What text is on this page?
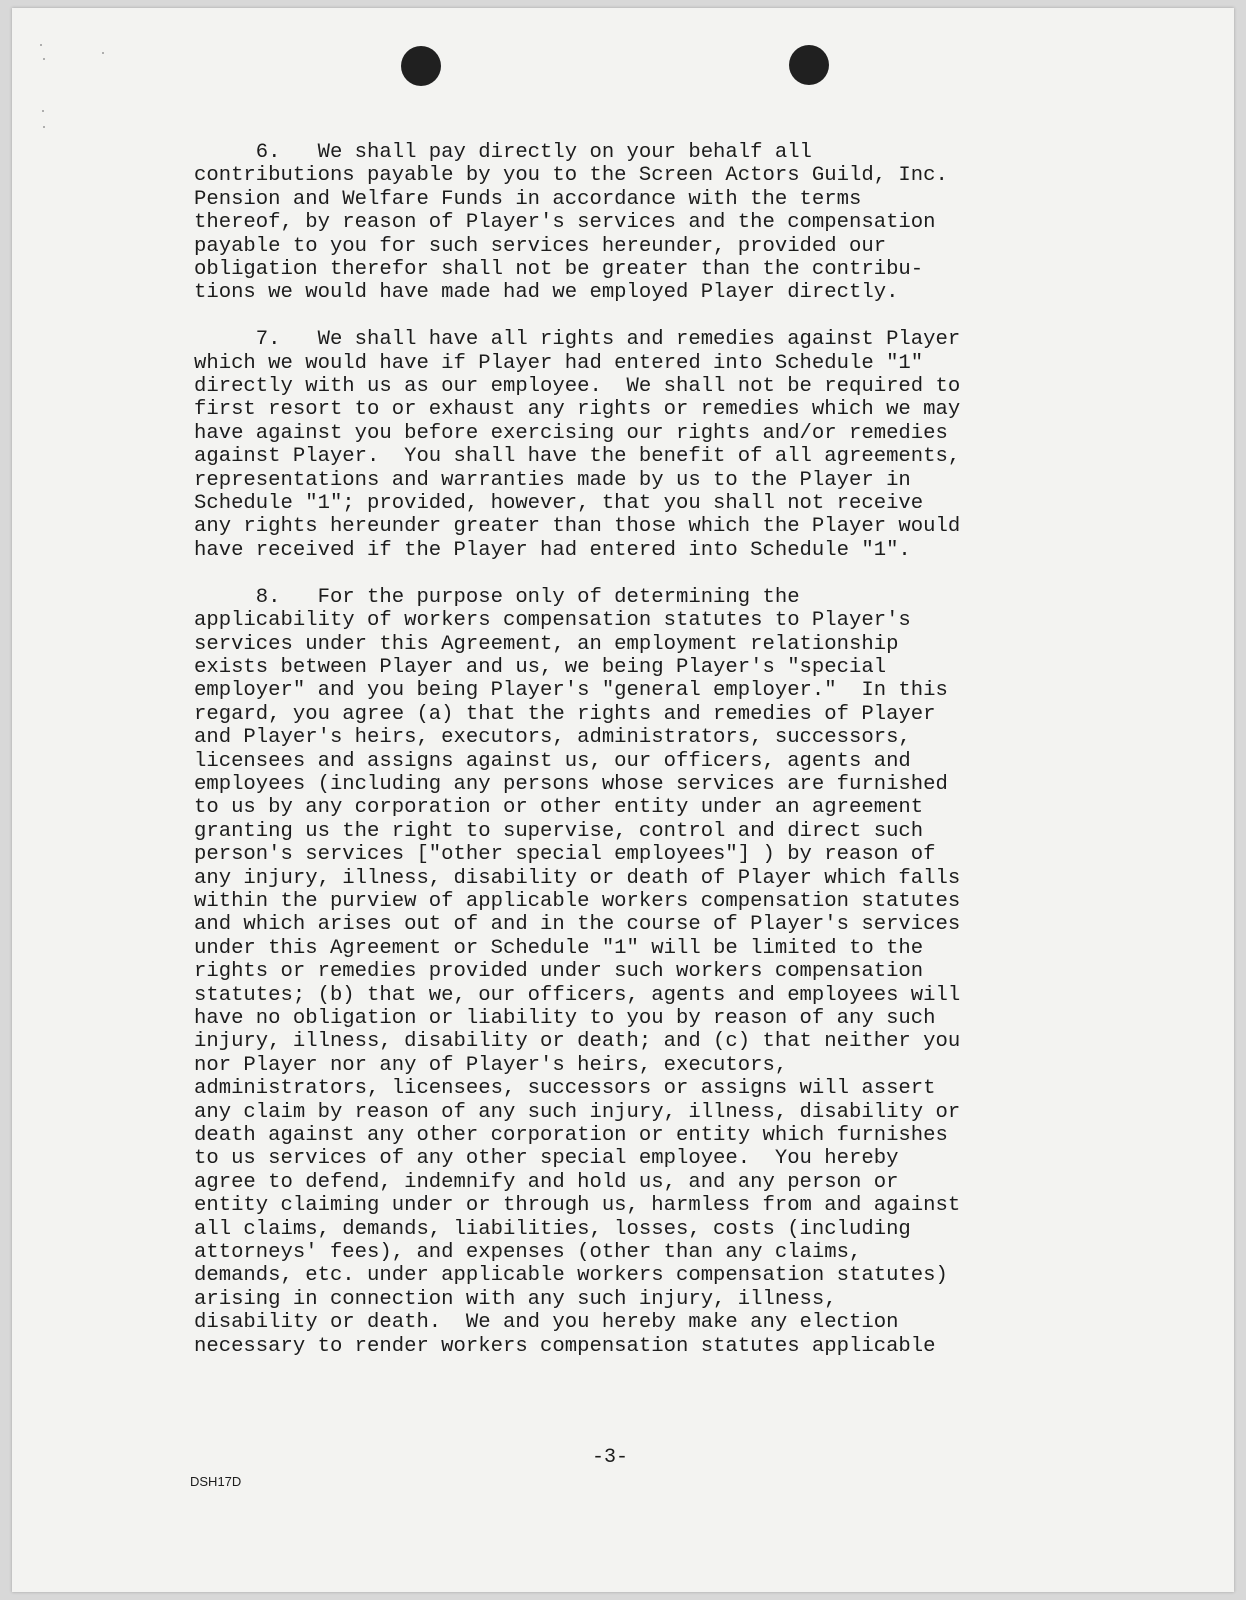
6.   We shall pay directly on your behalf all
contributions payable by you to the Screen Actors Guild, Inc.
Pension and Welfare Funds in accordance with the terms
thereof, by reason of Player's services and the compensation
payable to you for such services hereunder, provided our
obligation therefor shall not be greater than the contribu-
tions we would have made had we employed Player directly.
7.   We shall have all rights and remedies against Player
which we would have if Player had entered into Schedule "1"
directly with us as our employee.  We shall not be required to
first resort to or exhaust any rights or remedies which we may
have against you before exercising our rights and/or remedies
against Player.  You shall have the benefit of all agreements,
representations and warranties made by us to the Player in
Schedule "1"; provided, however, that you shall not receive
any rights hereunder greater than those which the Player would
have received if the Player had entered into Schedule "1".
8.   For the purpose only of determining the
applicability of workers compensation statutes to Player's
services under this Agreement, an employment relationship
exists between Player and us, we being Player's "special
employer" and you being Player's "general employer."  In this
regard, you agree (a) that the rights and remedies of Player
and Player's heirs, executors, administrators, successors,
licensees and assigns against us, our officers, agents and
employees (including any persons whose services are furnished
to us by any corporation or other entity under an agreement
granting us the right to supervise, control and direct such
person's services ["other special employees"] ) by reason of
any injury, illness, disability or death of Player which falls
within the purview of applicable workers compensation statutes
and which arises out of and in the course of Player's services
under this Agreement or Schedule "1" will be limited to the
rights or remedies provided under such workers compensation
statutes; (b) that we, our officers, agents and employees will
have no obligation or liability to you by reason of any such
injury, illness, disability or death; and (c) that neither you
nor Player nor any of Player's heirs, executors,
administrators, licensees, successors or assigns will assert
any claim by reason of any such injury, illness, disability or
death against any other corporation or entity which furnishes
to us services of any other special employee.  You hereby
agree to defend, indemnify and hold us, and any person or
entity claiming under or through us, harmless from and against
all claims, demands, liabilities, losses, costs (including
attorneys' fees), and expenses (other than any claims,
demands, etc. under applicable workers compensation statutes)
arising in connection with any such injury, illness,
disability or death.  We and you hereby make any election
necessary to render workers compensation statutes applicable
-3-
DSH17D
